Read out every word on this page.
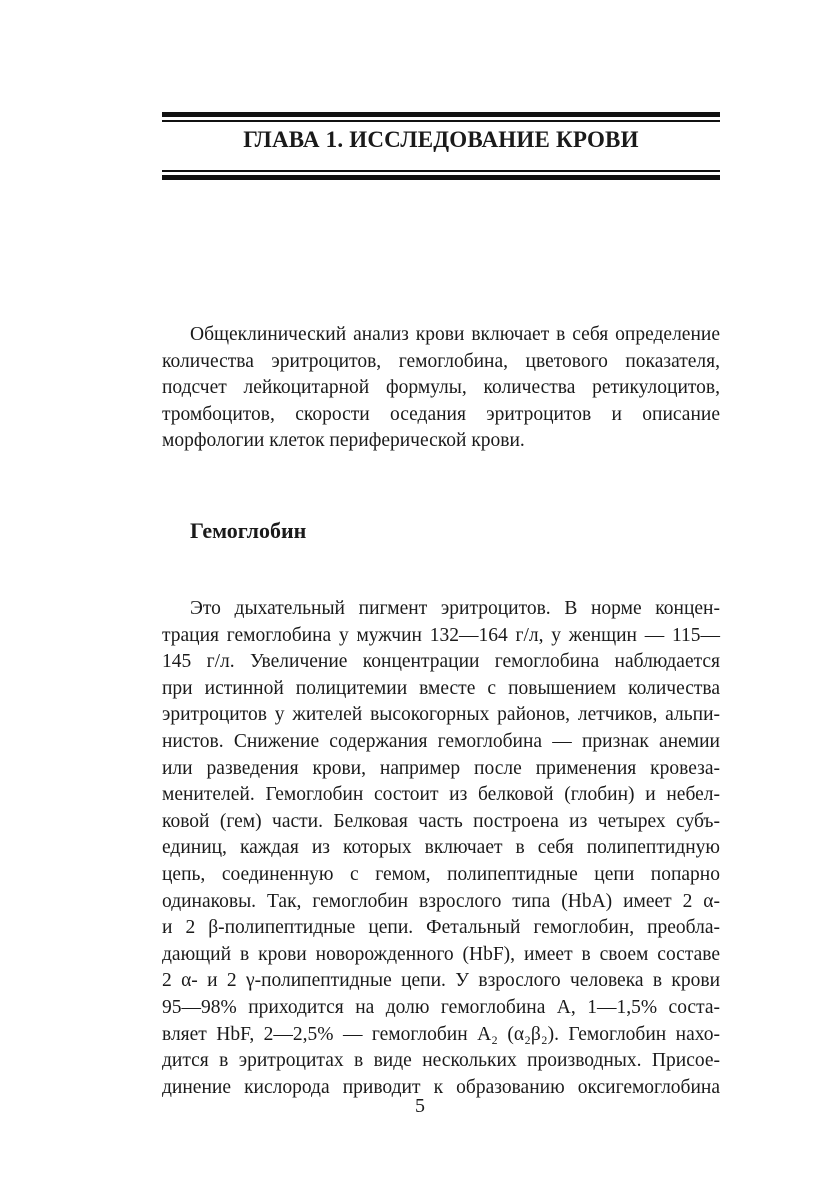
ГЛАВА 1. ИССЛЕДОВАНИЕ КРОВИ
Общеклинический анализ крови включает в себя определение
количества эритроцитов, гемоглобина, цветового показателя,
подсчет лейкоцитарной формулы, количества ретикулоцитов,
тромбоцитов, скорости оседания эритроцитов и описание
морфологии клеток периферической крови.
Гемоглобин
Это дыхательный пигмент эритроцитов. В норме концен-
трация гемоглобина у мужчин 132—164 г/л, у женщин — 115—
145 г/л. Увеличение концентрации гемоглобина наблюдается
при истинной полицитемии вместе с повышением количества
эритроцитов у жителей высокогорных районов, летчиков, альпи-
нистов. Снижение содержания гемоглобина — признак анемии
или разведения крови, например после применения кровеза-
менителей. Гемоглобин состоит из белковой (глобин) и небел-
ковой (гем) части. Белковая часть построена из четырех субъ-
единиц, каждая из которых включает в себя полипептидную
цепь, соединенную с гемом, полипептидные цепи попарно
одинаковы. Так, гемоглобин взрослого типа (HbA) имеет 2 α-
и 2 β-полипептидные цепи. Фетальный гемоглобин, преобла-
дающий в крови новорожденного (HbF), имеет в своем составе
2 α- и 2 γ-полипептидные цепи. У взрослого человека в крови
95—98% приходится на долю гемоглобина А, 1—1,5% соста-
вляет HbF, 2—2,5% — гемоглобин А₂ (α₂β₂). Гемоглобин нахо-
дится в эритроцитах в виде нескольких производных. Присое-
динение кислорода приводит к образованию оксигемоглобина
5
